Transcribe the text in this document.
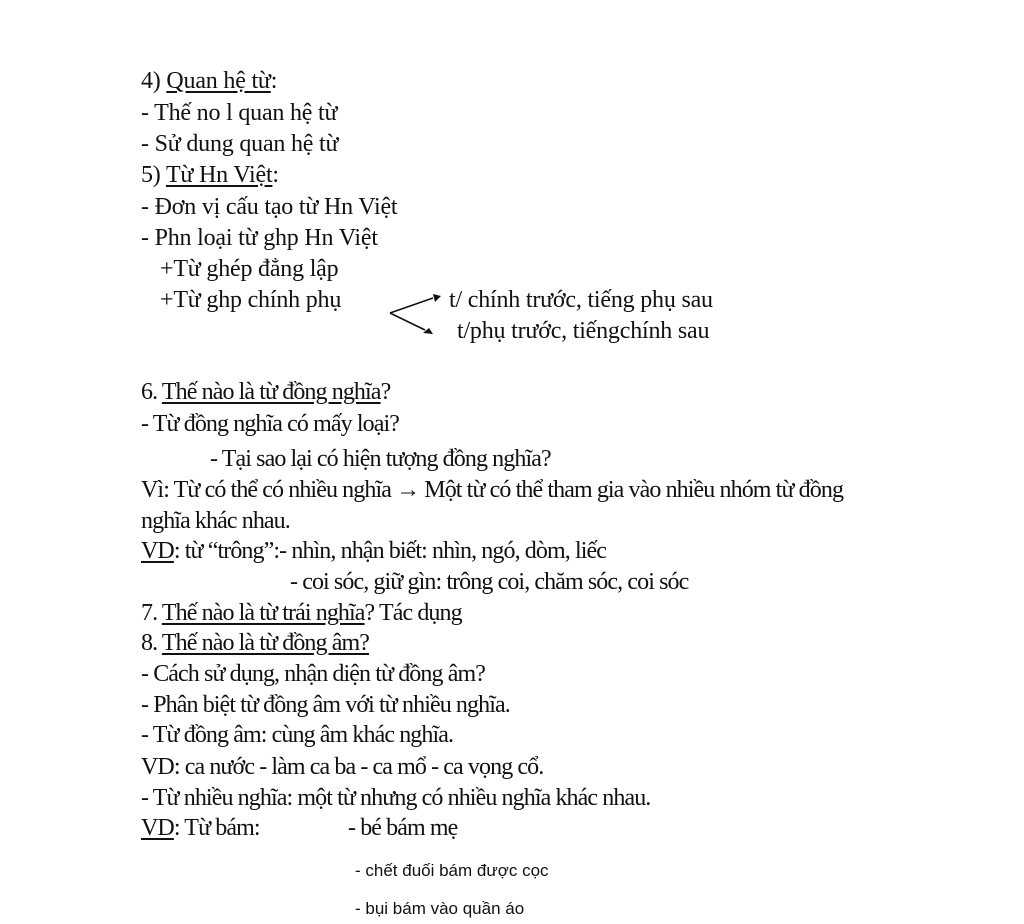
4) Quan hệ từ:
- Thế no l quan hệ từ
- Sử dung quan hệ từ
5) Từ Hn Việt:
- Đơn vị cấu tạo từ Hn Việt
- Phn loại từ ghp Hn Việt
+Từ ghép đẳng lập
+Từ ghp chính phụ	t/ chính trước, tiếng phụ sau
t/phụ trước, tiếngchính sau
6. Thế nào là từ đồng nghĩa?
- Từ đồng nghĩa có mấy loại?
- Tại sao lại có hiện tượng đồng nghĩa?
Vì: Từ có thể có nhiều nghĩa → Một từ có thể tham gia vào nhiều nhóm từ đồng
nghĩa khác nhau.
VD: từ “trông”:- nhìn, nhận biết: nhìn, ngó, dòm, liếc
- coi sóc, giữ gìn: trông coi, chăm sóc, coi sóc
7. Thế nào là từ trái nghĩa? Tác dụng
8. Thế nào là từ đồng âm?
- Cách sử dụng, nhận diện từ đồng âm?
- Phân biệt từ đồng âm với từ nhiều nghĩa.
- Từ đồng âm: cùng âm khác nghĩa.
VD: ca nước - làm ca ba - ca mổ - ca vọng cổ.
- Từ nhiều nghĩa: một từ nhưng có nhiều nghĩa khác nhau.
VD: Từ bám:	- bé bám mẹ
- chết đuối bám được cọc
- bụi bám vào quần áo
